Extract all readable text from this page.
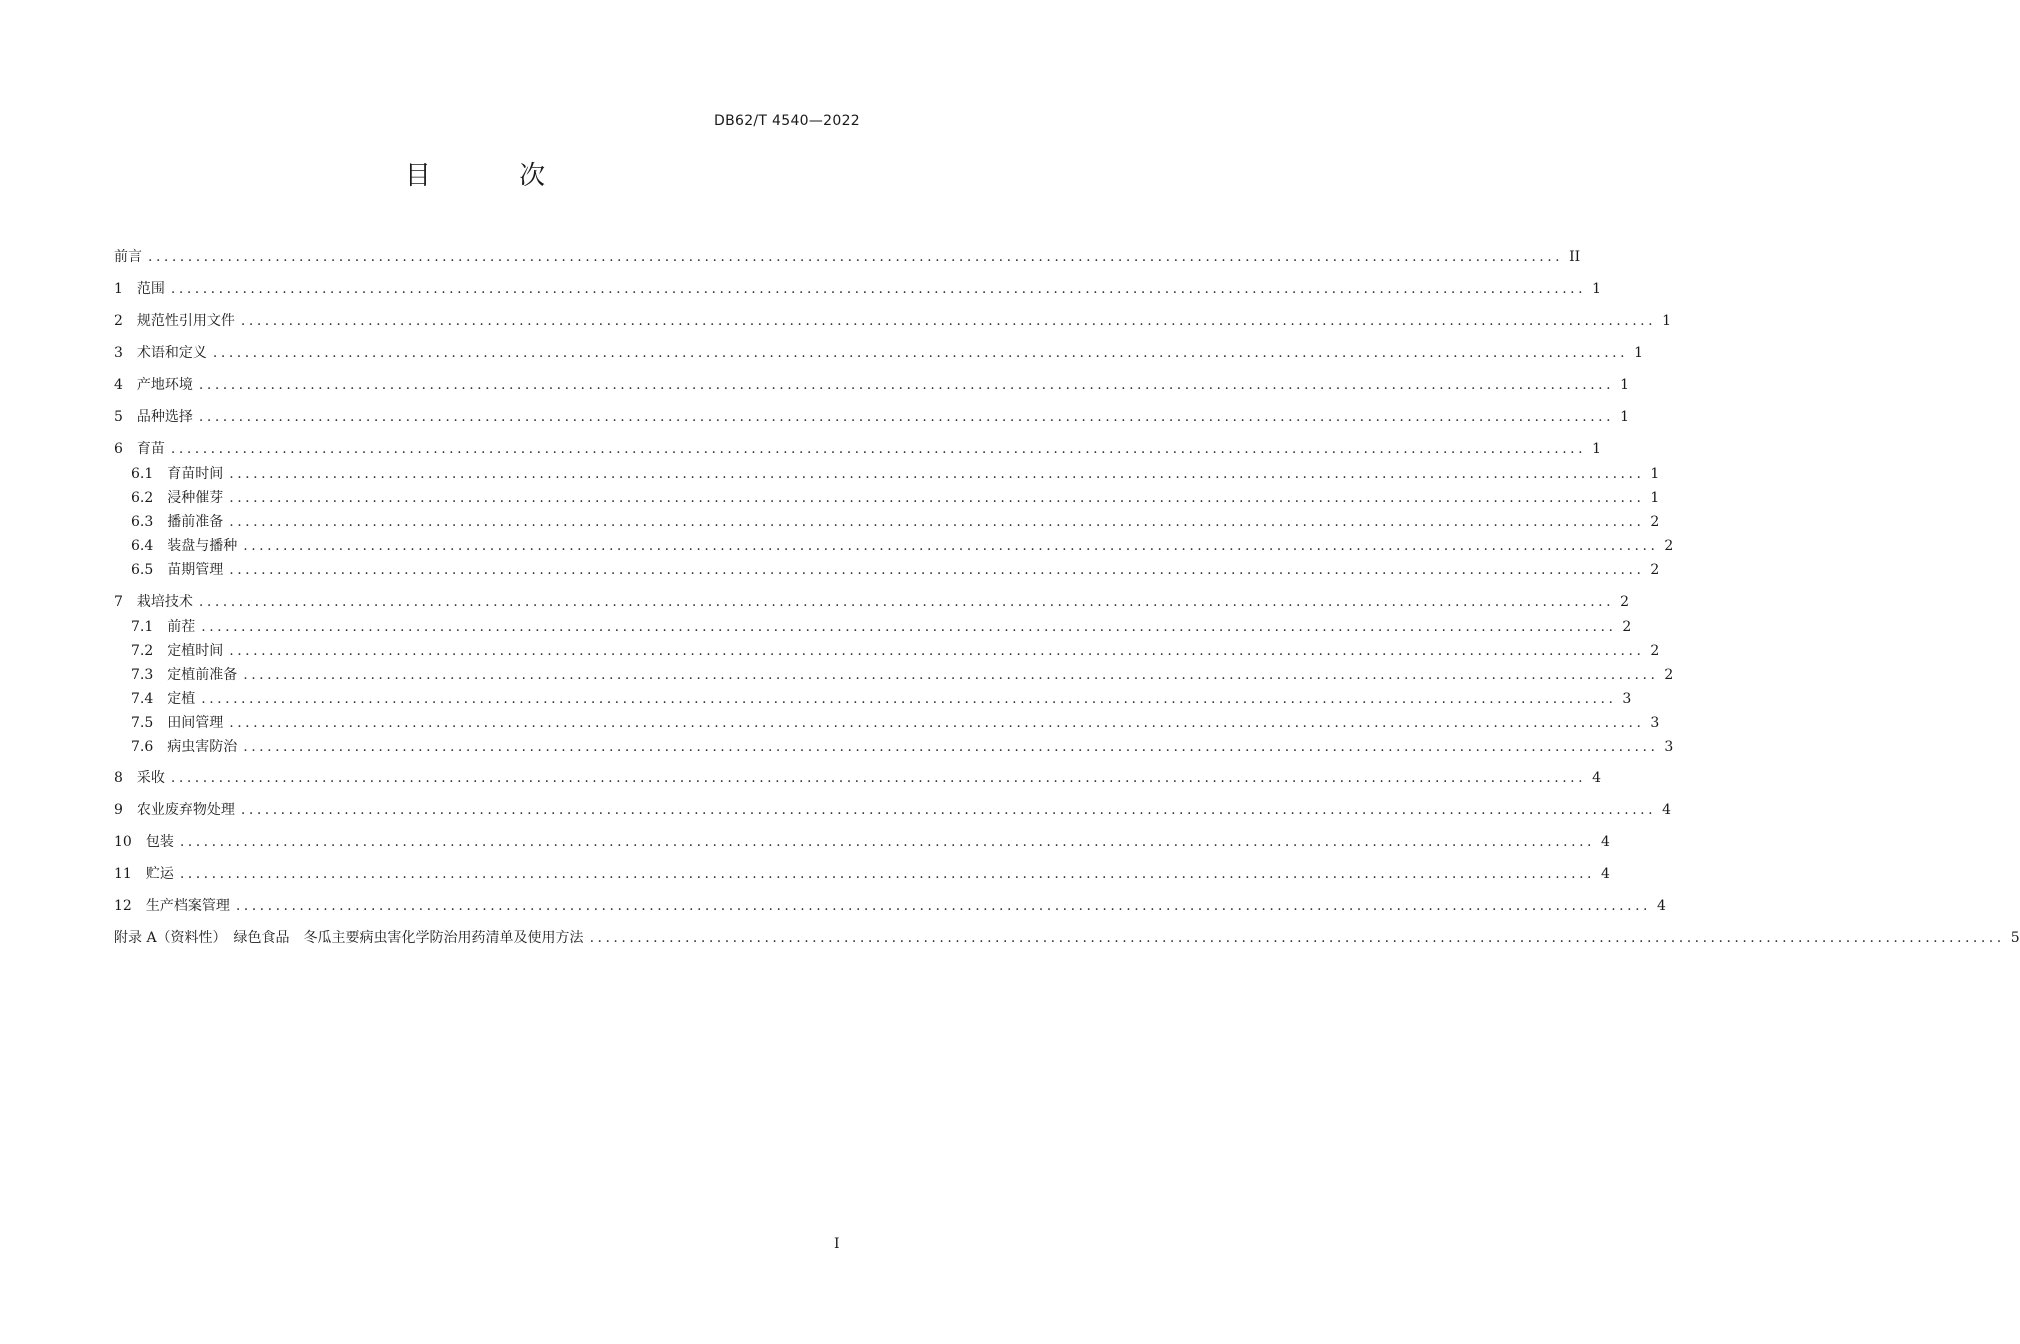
DB62/T 4540—2022
目 次
前言 .................................................................................................................................................................................. II
1 范围 .................................................................................................................................................................................. 1
2 规范性引用文件 .................................................................................................................................................................................. 1
3 术语和定义 .................................................................................................................................................................................. 1
4 产地环境 .................................................................................................................................................................................. 1
5 品种选择 .................................................................................................................................................................................. 1
6 育苗 .................................................................................................................................................................................. 1
6.1 育苗时间 .................................................................................................................................................................................. 1
6.2 浸种催芽 .................................................................................................................................................................................. 1
6.3 播前准备 .................................................................................................................................................................................. 2
6.4 装盘与播种 .................................................................................................................................................................................. 2
6.5 苗期管理 .................................................................................................................................................................................. 2
7 栽培技术 .................................................................................................................................................................................. 2
7.1 前茬 .................................................................................................................................................................................. 2
7.2 定植时间 .................................................................................................................................................................................. 2
7.3 定植前准备 .................................................................................................................................................................................. 2
7.4 定植 .................................................................................................................................................................................. 3
7.5 田间管理 .................................................................................................................................................................................. 3
7.6 病虫害防治 .................................................................................................................................................................................. 3
8 采收 .................................................................................................................................................................................. 4
9 农业废弃物处理 .................................................................................................................................................................................. 4
10 包装 .................................................................................................................................................................................. 4
11 贮运 .................................................................................................................................................................................. 4
12 生产档案管理 .................................................................................................................................................................................. 4
附录 A（资料性）　绿色食品　冬瓜主要病虫害化学防治用药清单及使用方法 .................................................................................................................................................................................. 5
I
